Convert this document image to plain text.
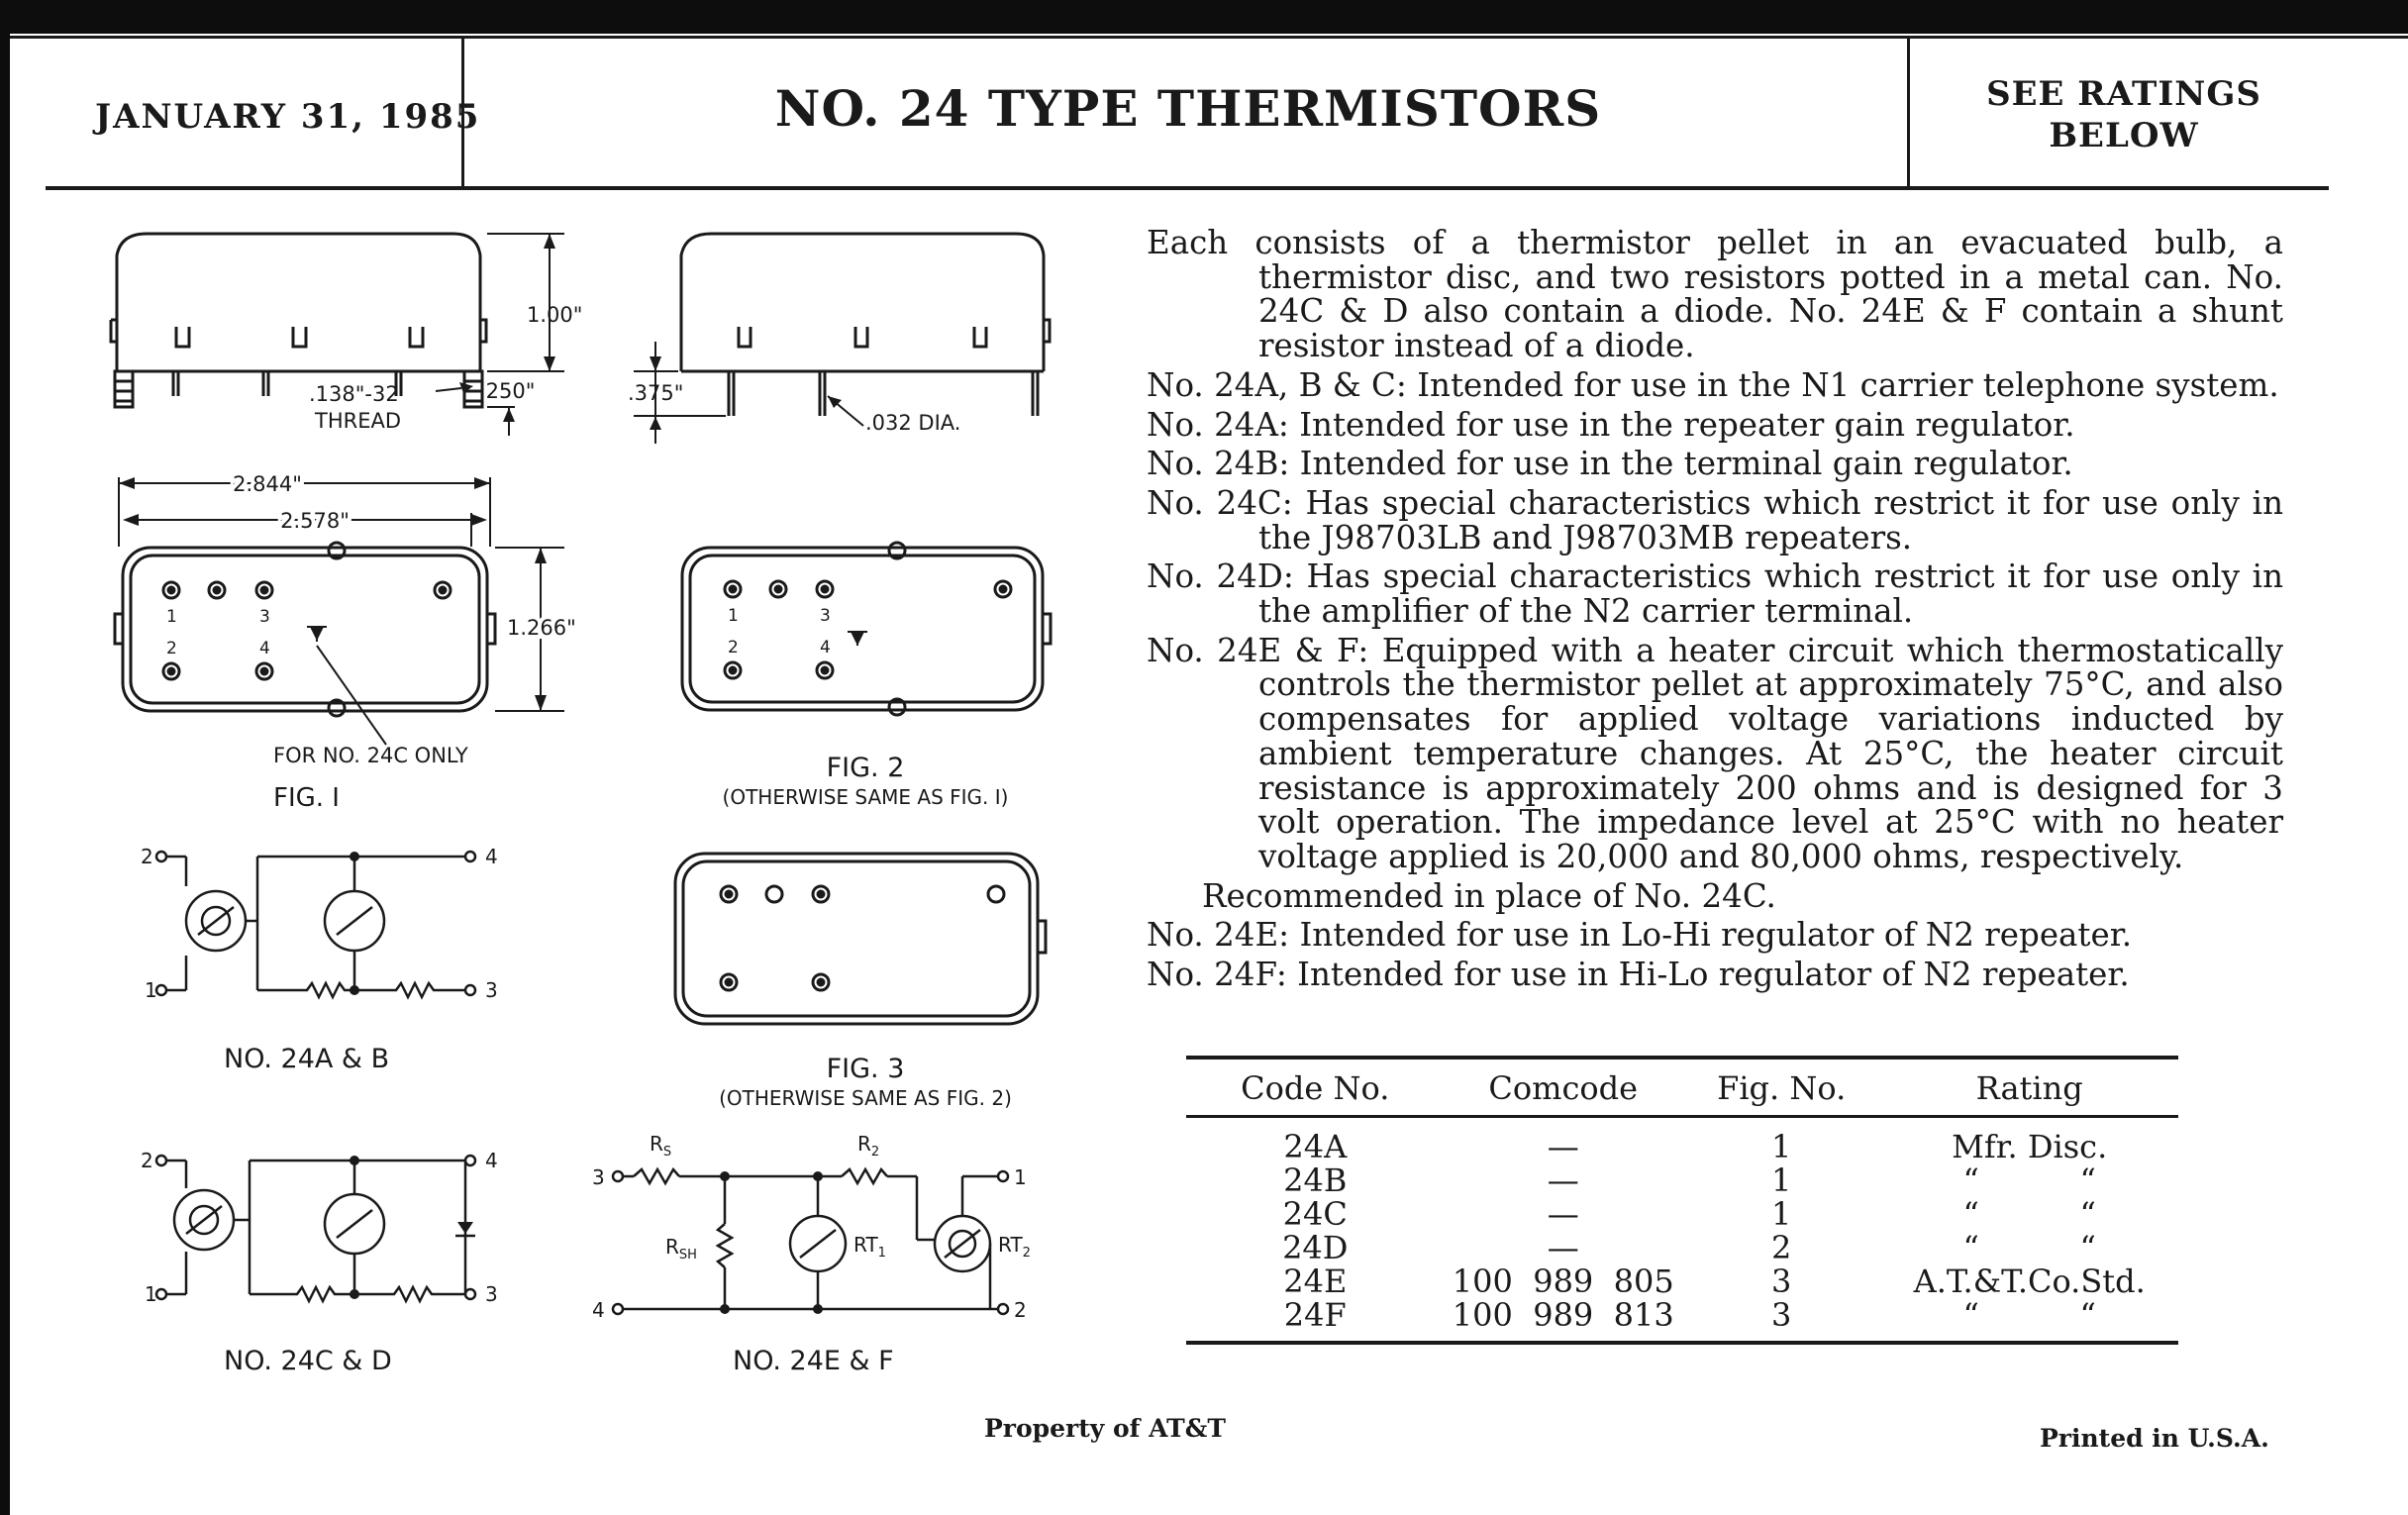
JANUARY 31, 1985	NO. 24 TYPE THERMISTORS	SEE RATINGS
BELOW
1.00"
.138"-32
THREAD
.250"	.375"
.032 DIA.
2.844"
2.578"
1.266"
1	3
2	4
1	3
2	4
FOR NO. 24C ONLY
FIG. I
FIG. 2
(OTHERWISE SAME AS FIG. I)
FIG. 3
(OTHERWISE SAME AS FIG. 2)
2
1
4
3
NO. 24A & B
2
1
4
3
NO. 24C & D
3
4
1
2
$R_S$	$R_2$
$R_{SH}$	$RT_1$	$RT_2$
NO. 24E & F

Each consists of a thermistor pellet in an evacuated bulb, a thermistor disc, and two resistors potted in a metal can. No. 24C & D also contain a diode. No. 24E & F contain a shunt resistor instead of a diode.

No. 24A, B & C: Intended for use in the N1 carrier telephone system.

No. 24A: Intended for use in the repeater gain regulator.

No. 24B: Intended for use in the terminal gain regulator.

No. 24C: Has special characteristics which restrict it for use only in the J98703LB and J98703MB repeaters.

No. 24D: Has special characteristics which restrict it for use only in the amplifier of the N2 carrier terminal.

No. 24E & F: Equipped with a heater circuit which thermostatically controls the thermistor pellet at approximately 75°C, and also compensates for applied voltage variations inducted by ambient temperature changes. At 25°C, the heater circuit resistance is approximately 200 ohms and is designed for 3 volt operation. The impedance level at 25°C with no heater voltage applied is 20,000 and 80,000 ohms, respectively.

Recommended in place of No. 24C.

No. 24E: Intended for use in Lo-Hi regulator of N2 repeater.

No. 24F: Intended for use in Hi-Lo regulator of N2 repeater.

Code No.	Comcode	Fig. No.	Rating
24A	—	1	Mfr. Disc.
24B	—	1	“          “
24C	—	1	“          “
24D	—	2	“          “
24E	100  989  805	3	A.T.&T.Co.Std.
24F	100  989  813	3	“          “
Property of AT&T	Printed in U.S.A.
